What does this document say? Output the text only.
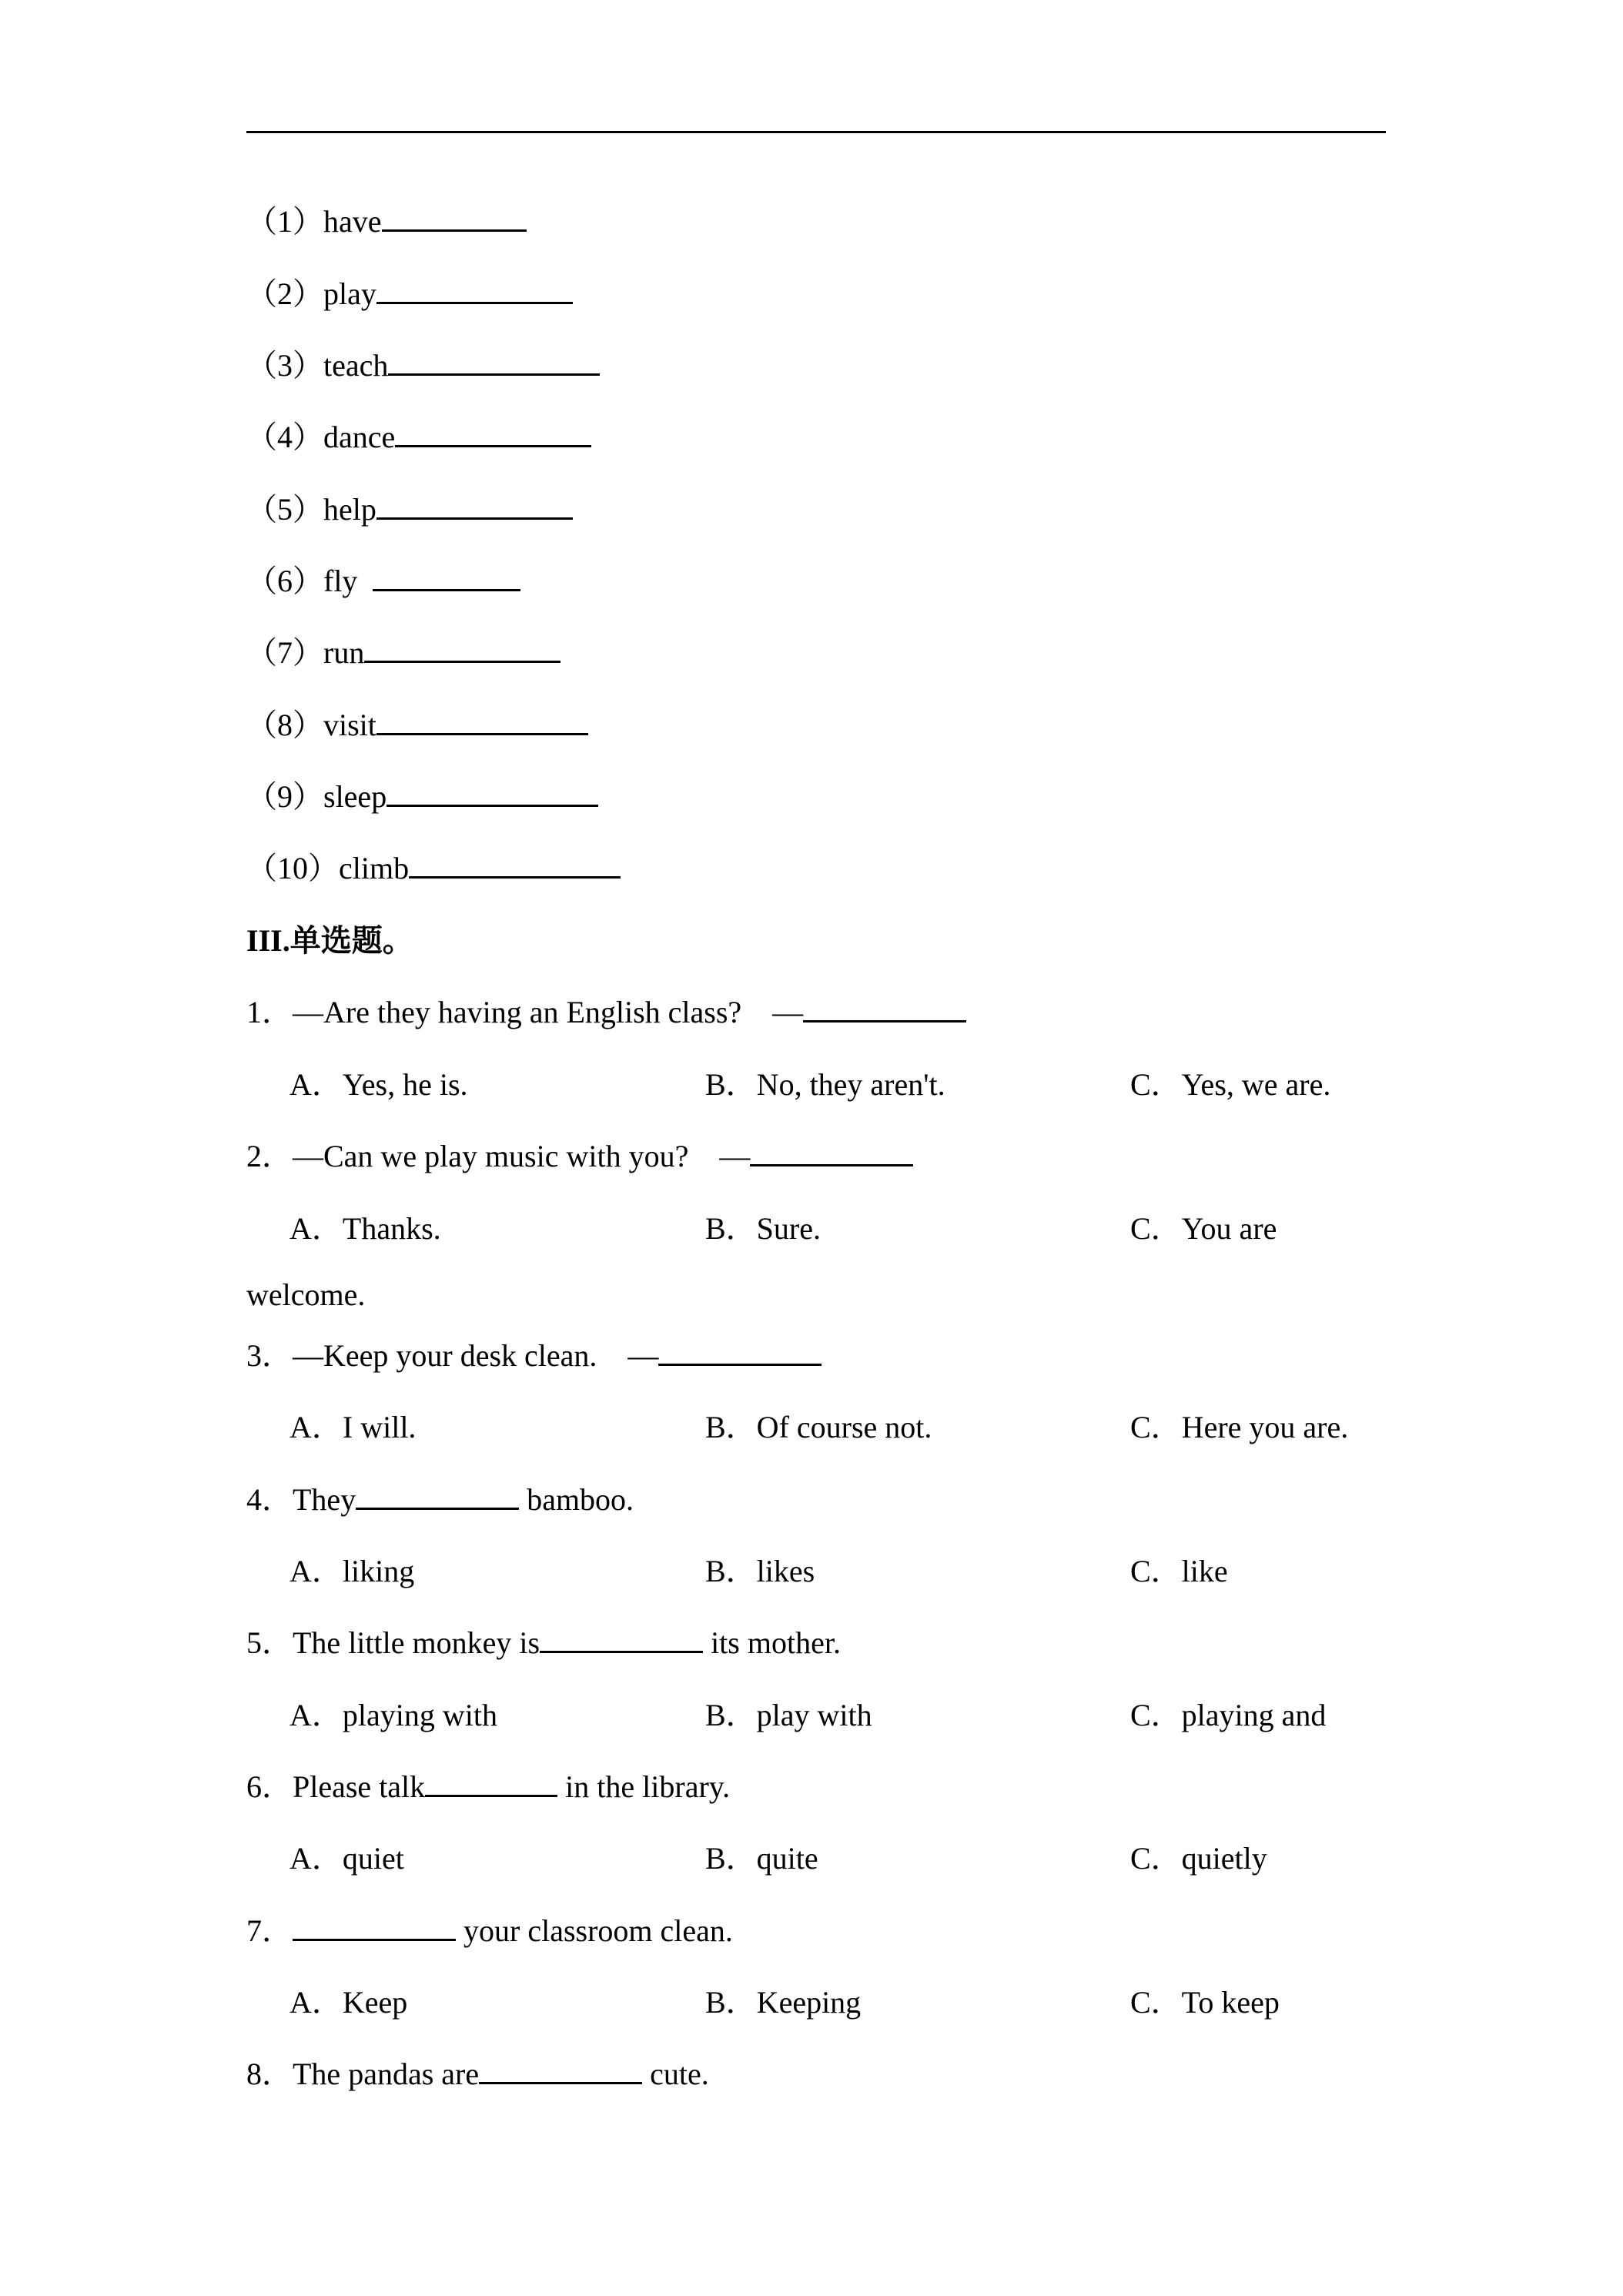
（1）have
（2）play
（3）teach
（4）dance
（5）help
（6）fly
（7）run
（8）visit
（9）sleep
（10）climb
III.单选题。
1．—Are they having an English class?　—
A．Yes, he is.	B．No, they aren't.	C．Yes, we are.
2．—Can we play music with you?　—
A．Thanks.	B．Sure.	C．You are
welcome.
3．—Keep your desk clean.　—
A．I will.	B．Of course not.	C．Here you are.
4．They	bamboo.
A．liking	B．likes	C．like
5．The little monkey is	its mother.
A．playing with	B．play with	C．playing and
6．Please talk	in the library.
A．quiet	B．quite	C．quietly
7．	your classroom clean.
A．Keep	B．Keeping	C．To keep
8．The pandas are	cute.
